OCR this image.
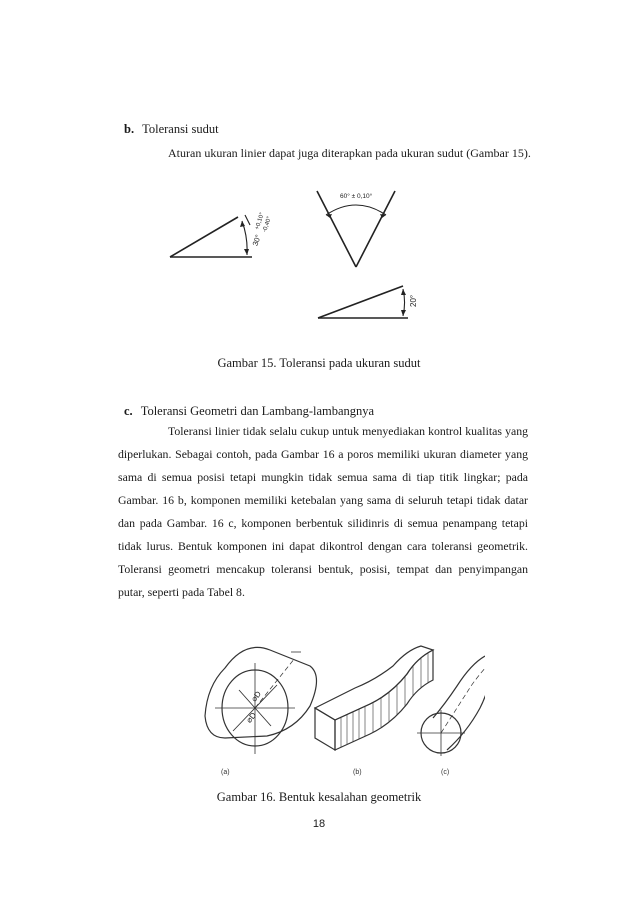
b. Toleransi sudut
Aturan ukuran linier dapat juga diterapkan pada ukuran sudut (Gambar 15).
30°
+0,10°
-0,40°
60° ± 0,10°
20°
Gambar 15. Toleransi pada ukuran sudut
c. Toleransi Geometri dan Lambang-lambangnya
Toleransi linier tidak selalu cukup untuk menyediakan kontrol kualitas yang diperlukan. Sebagai contoh, pada Gambar 16 a poros memiliki ukuran diameter yang sama di semua posisi tetapi mungkin tidak semua sama di tiap titik lingkar; pada Gambar. 16 b, komponen memiliki ketebalan yang sama di seluruh tetapi tidak datar dan pada Gambar. 16 c, komponen berbentuk silidinris di semua penampang tetapi tidak lurus. Bentuk komponen ini dapat dikontrol dengan cara toleransi geometrik. Toleransi geometri mencakup toleransi bentuk, posisi, tempat dan penyimpangan putar, seperti pada Tabel 8.
⌀D
⌀D
(a)	(b)	(c)
Gambar 16. Bentuk kesalahan geometrik
18
